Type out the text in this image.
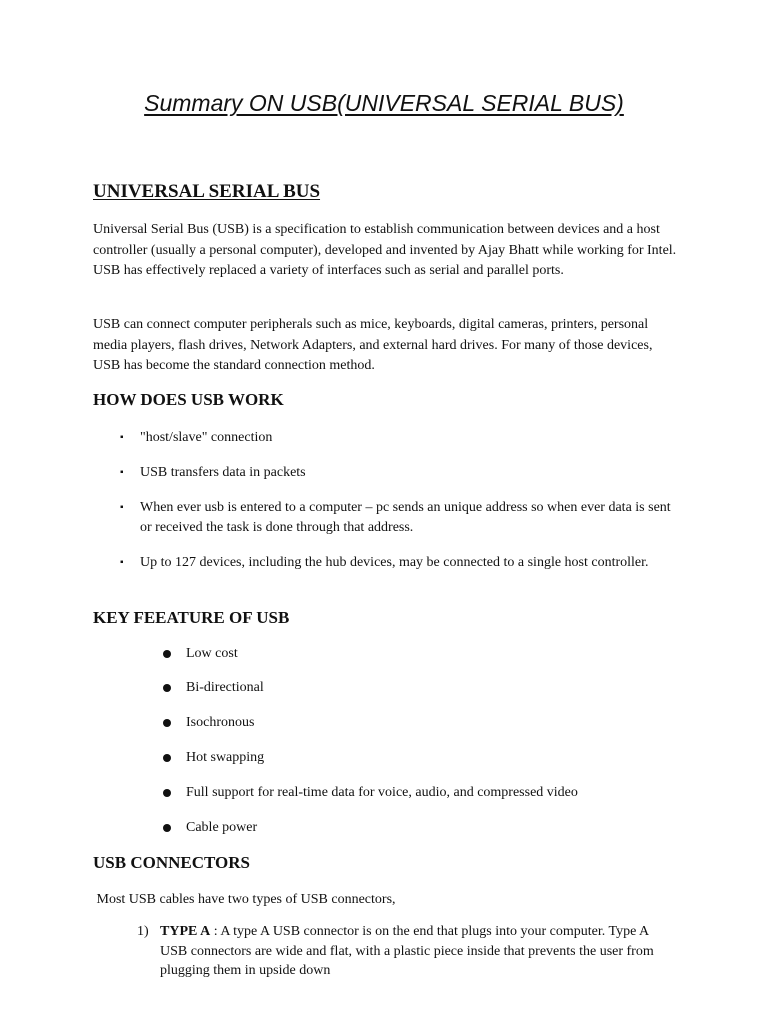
Summary ON USB(UNIVERSAL SERIAL BUS)
UNIVERSAL SERIAL BUS

Universal Serial Bus (USB) is a specification to establish communication between devices and a host controller (usually a personal computer), developed and invented by Ajay Bhatt while working for Intel. USB has effectively replaced a variety of interfaces such as serial and parallel ports.

USB can connect computer peripherals such as mice, keyboards, digital cameras, printers, personal media players, flash drives, Network Adapters, and external hard drives. For many of those devices, USB has become the standard connection method.

HOW DOES USB WORK
▪ "host/slave" connection
▪ USB transfers data in packets
▪ When ever usb is entered to a computer – pc sends an unique address so when ever data is sent or received the task is done through that address.
▪ Up to 127 devices, including the hub devices, may be connected to a single host controller.
KEY FEEATURE OF USB
Low cost
Bi-directional
Isochronous
Hot swapping
Full support for real-time data for voice, audio, and compressed video
Cable power
USB CONNECTORS

Most USB cables have two types of USB connectors,

1) TYPE A : A type A USB connector is on the end that plugs into your computer. Type A USB connectors are wide and flat, with a plastic piece inside that prevents the user from plugging them in upside down
